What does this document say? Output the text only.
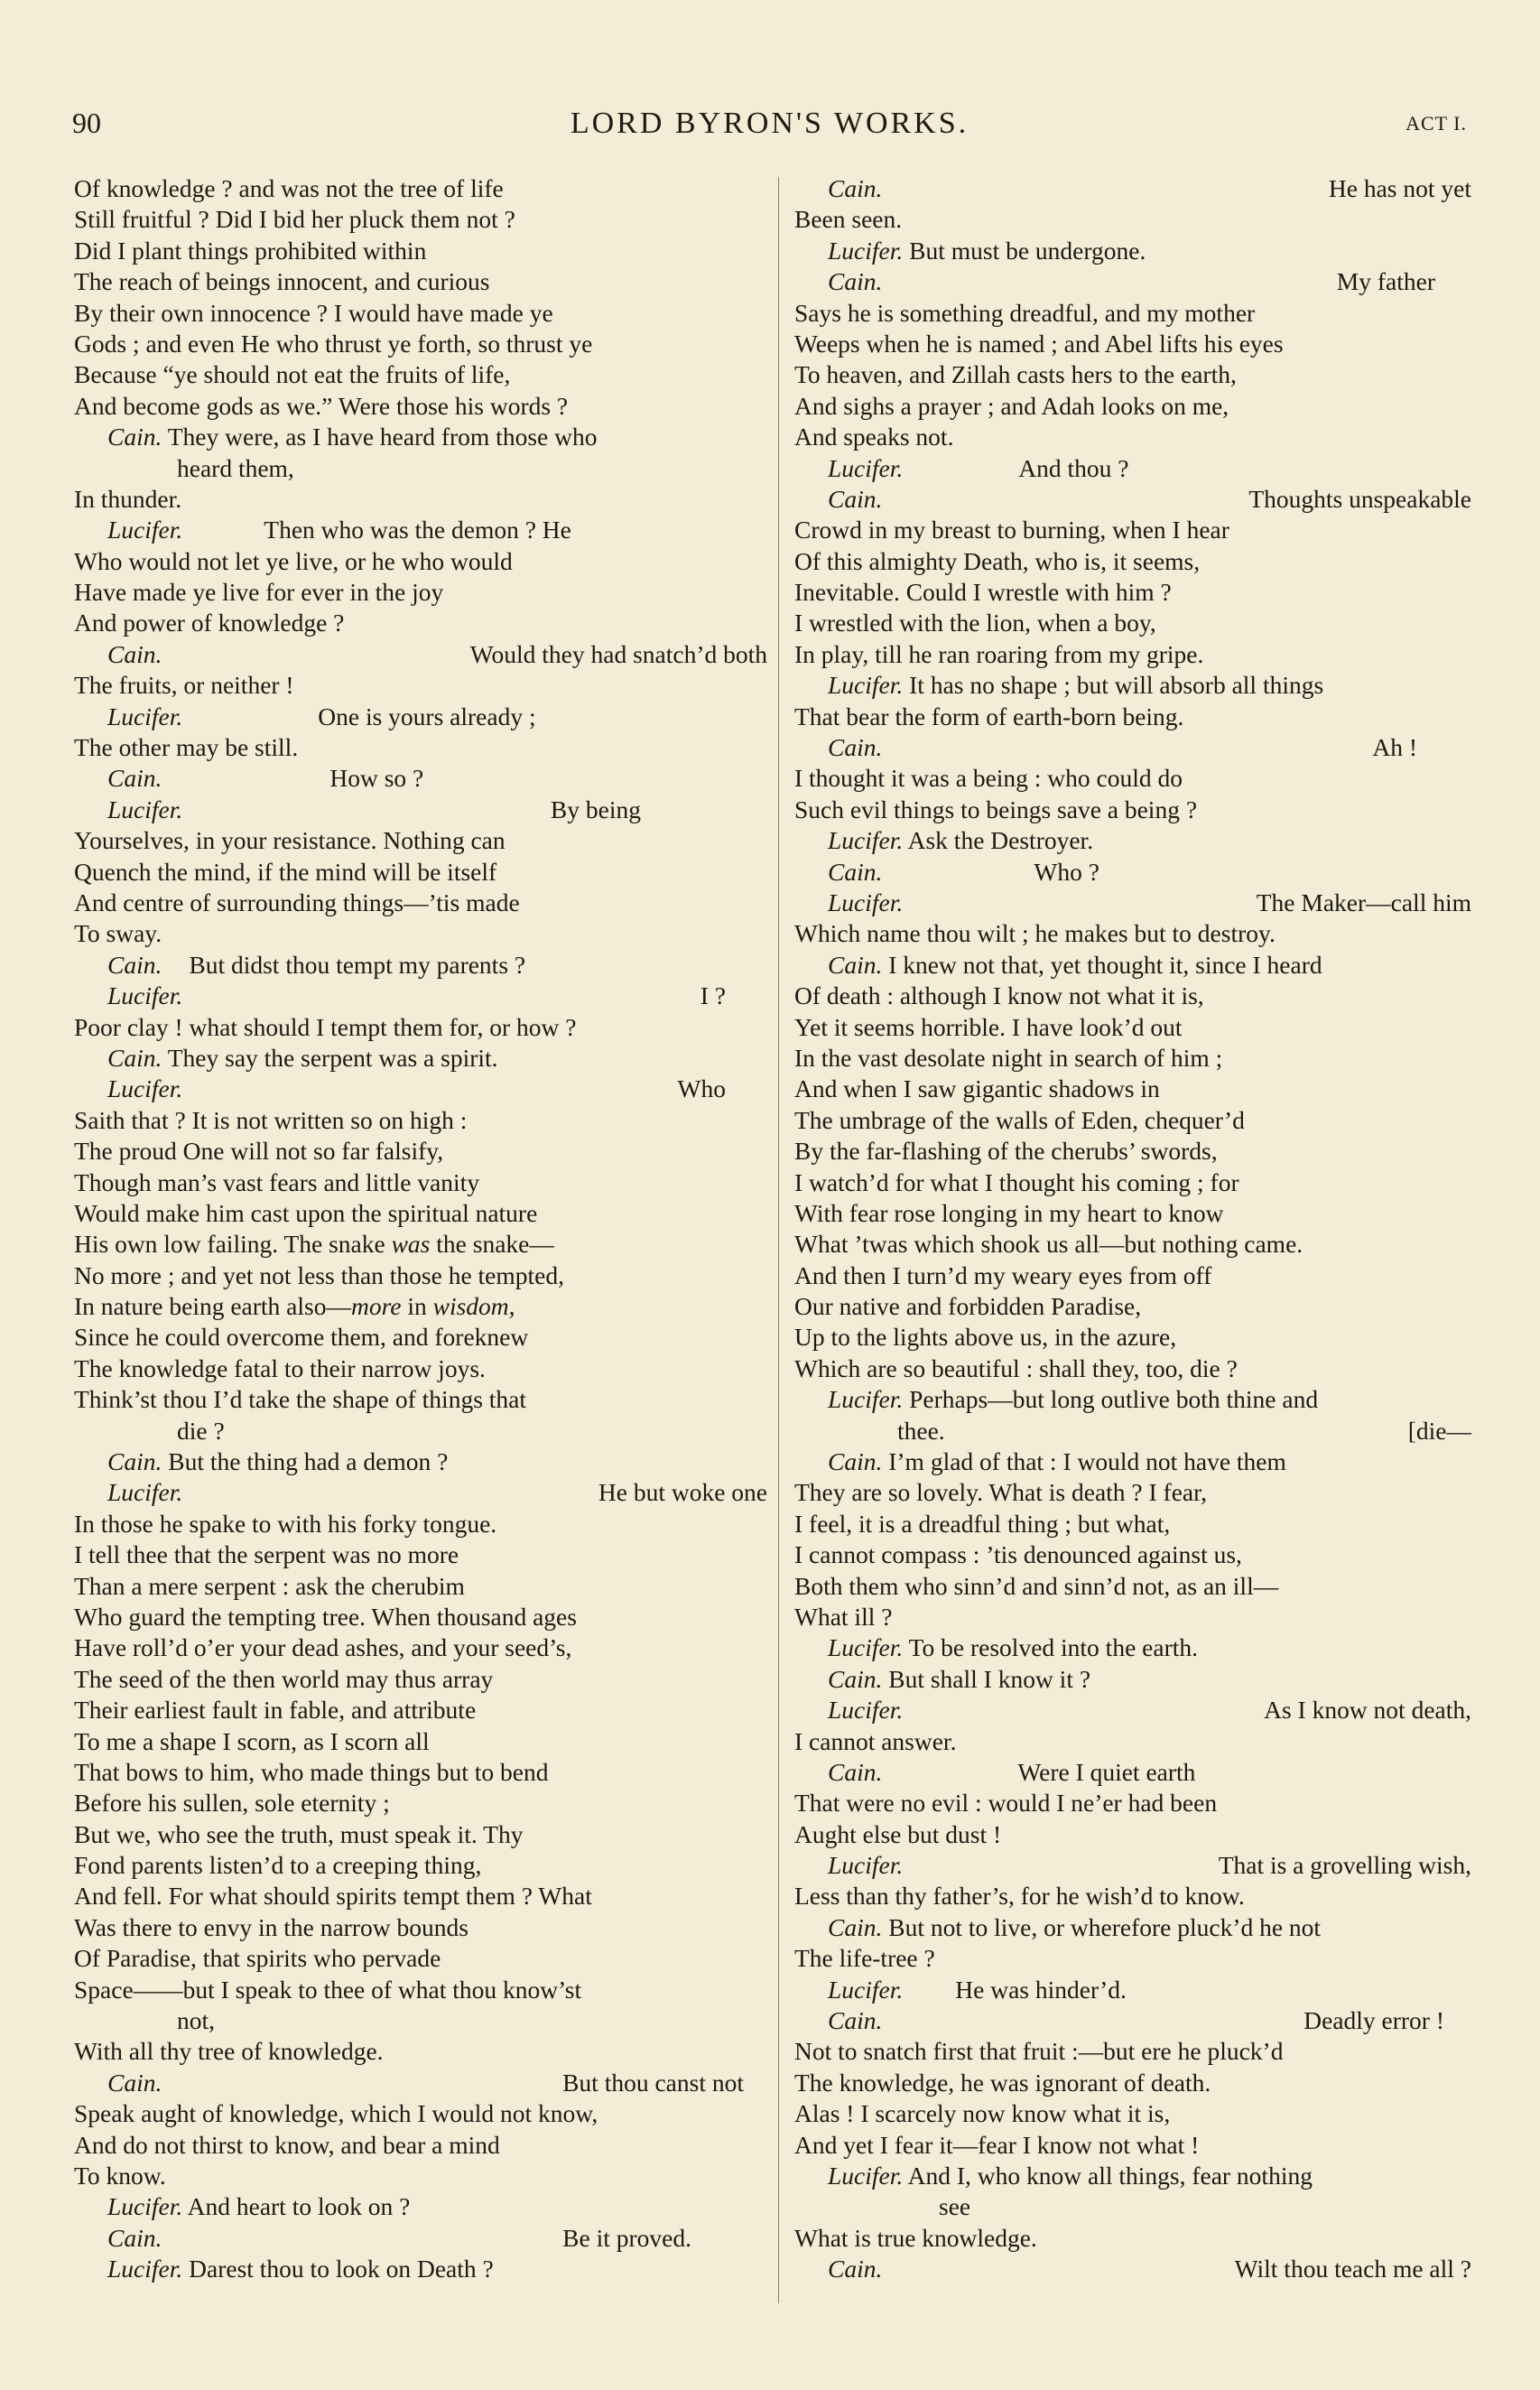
90	LORD BYRON'S WORKS.	ACT I.
Of knowledge ? and was not the tree of life
Still fruitful ? Did I bid her pluck them not ?
Did I plant things prohibited within
The reach of beings innocent, and curious
By their own innocence ? I would have made ye
Gods ; and even He who thrust ye forth, so thrust ye
Because “ye should not eat the fruits of life,
And become gods as we.” Were those his words ?
Cain. They were, as I have heard from those who
heard them,
In thunder.
Lucifer.	Then who was the demon ? He
Who would not let ye live, or he who would
Have made ye live for ever in the joy
And power of knowledge ?
Cain.	Would they had snatch’d both
The fruits, or neither !
Lucifer.	One is yours already ;
The other may be still.
Cain.	How so ?
Lucifer.	By being
Yourselves, in your resistance. Nothing can
Quench the mind, if the mind will be itself
And centre of surrounding things—’tis made
To sway.
Cain. But didst thou tempt my parents ?
Lucifer.	I ?
Poor clay ! what should I tempt them for, or how ?
Cain. They say the serpent was a spirit.
Lucifer.	Who
Saith that ? It is not written so on high :
The proud One will not so far falsify,
Though man’s vast fears and little vanity
Would make him cast upon the spiritual nature
His own low failing. The snake was the snake—
No more ; and yet not less than those he tempted,
In nature being earth also—more in wisdom,
Since he could overcome them, and foreknew
The knowledge fatal to their narrow joys.
Think’st thou I’d take the shape of things that
die ?
Cain. But the thing had a demon ?
Lucifer.	He but woke one
In those he spake to with his forky tongue.
I tell thee that the serpent was no more
Than a mere serpent : ask the cherubim
Who guard the tempting tree. When thousand ages
Have roll’d o’er your dead ashes, and your seed’s,
The seed of the then world may thus array
Their earliest fault in fable, and attribute
To me a shape I scorn, as I scorn all
That bows to him, who made things but to bend
Before his sullen, sole eternity ;
But we, who see the truth, must speak it. Thy
Fond parents listen’d to a creeping thing,
And fell. For what should spirits tempt them ? What
Was there to envy in the narrow bounds
Of Paradise, that spirits who pervade
Space——but I speak to thee of what thou know’st
not,
With all thy tree of knowledge.
Cain.	But thou canst not
Speak aught of knowledge, which I would not know,
And do not thirst to know, and bear a mind
To know.
Lucifer. And heart to look on ?
Cain.	Be it proved.
Lucifer. Darest thou to look on Death ?
Cain.	He has not yet
Been seen.
Lucifer. But must be undergone.
Cain.	My father
Says he is something dreadful, and my mother
Weeps when he is named ; and Abel lifts his eyes
To heaven, and Zillah casts hers to the earth,
And sighs a prayer ; and Adah looks on me,
And speaks not.
Lucifer.	And thou ?
Cain.	Thoughts unspeakable
Crowd in my breast to burning, when I hear
Of this almighty Death, who is, it seems,
Inevitable. Could I wrestle with him ?
I wrestled with the lion, when a boy,
In play, till he ran roaring from my gripe.
Lucifer. It has no shape ; but will absorb all things
That bear the form of earth-born being.
Cain.	Ah !
I thought it was a being : who could do
Such evil things to beings save a being ?
Lucifer. Ask the Destroyer.
Cain.	Who ?
Lucifer.	The Maker—call him
Which name thou wilt ; he makes but to destroy.
Cain. I knew not that, yet thought it, since I heard
Of death : although I know not what it is,
Yet it seems horrible. I have look’d out
In the vast desolate night in search of him ;
And when I saw gigantic shadows in
The umbrage of the walls of Eden, chequer’d
By the far-flashing of the cherubs’ swords,
I watch’d for what I thought his coming ; for
With fear rose longing in my heart to know
What ’twas which shook us all—but nothing came.
And then I turn’d my weary eyes from off
Our native and forbidden Paradise,
Up to the lights above us, in the azure,
Which are so beautiful : shall they, too, die ?
Lucifer. Perhaps—but long outlive both thine and
thee.	[die—
Cain. I’m glad of that : I would not have them
They are so lovely. What is death ? I fear,
I feel, it is a dreadful thing ; but what,
I cannot compass : ’tis denounced against us,
Both them who sinn’d and sinn’d not, as an ill—
What ill ?
Lucifer. To be resolved into the earth.
Cain. But shall I know it ?
Lucifer.	As I know not death,
I cannot answer.
Cain.	Were I quiet earth
That were no evil : would I ne’er had been
Aught else but dust !
Lucifer.	That is a grovelling wish,
Less than thy father’s, for he wish’d to know.
Cain. But not to live, or wherefore pluck’d he not
The life-tree ?
Lucifer. He was hinder’d.
Cain.	Deadly error !
Not to snatch first that fruit :—but ere he pluck’d
The knowledge, he was ignorant of death.
Alas ! I scarcely now know what it is,
And yet I fear it—fear I know not what !
Lucifer. And I, who know all things, fear nothing
see
What is true knowledge.
Cain.	Wilt thou teach me all ?
